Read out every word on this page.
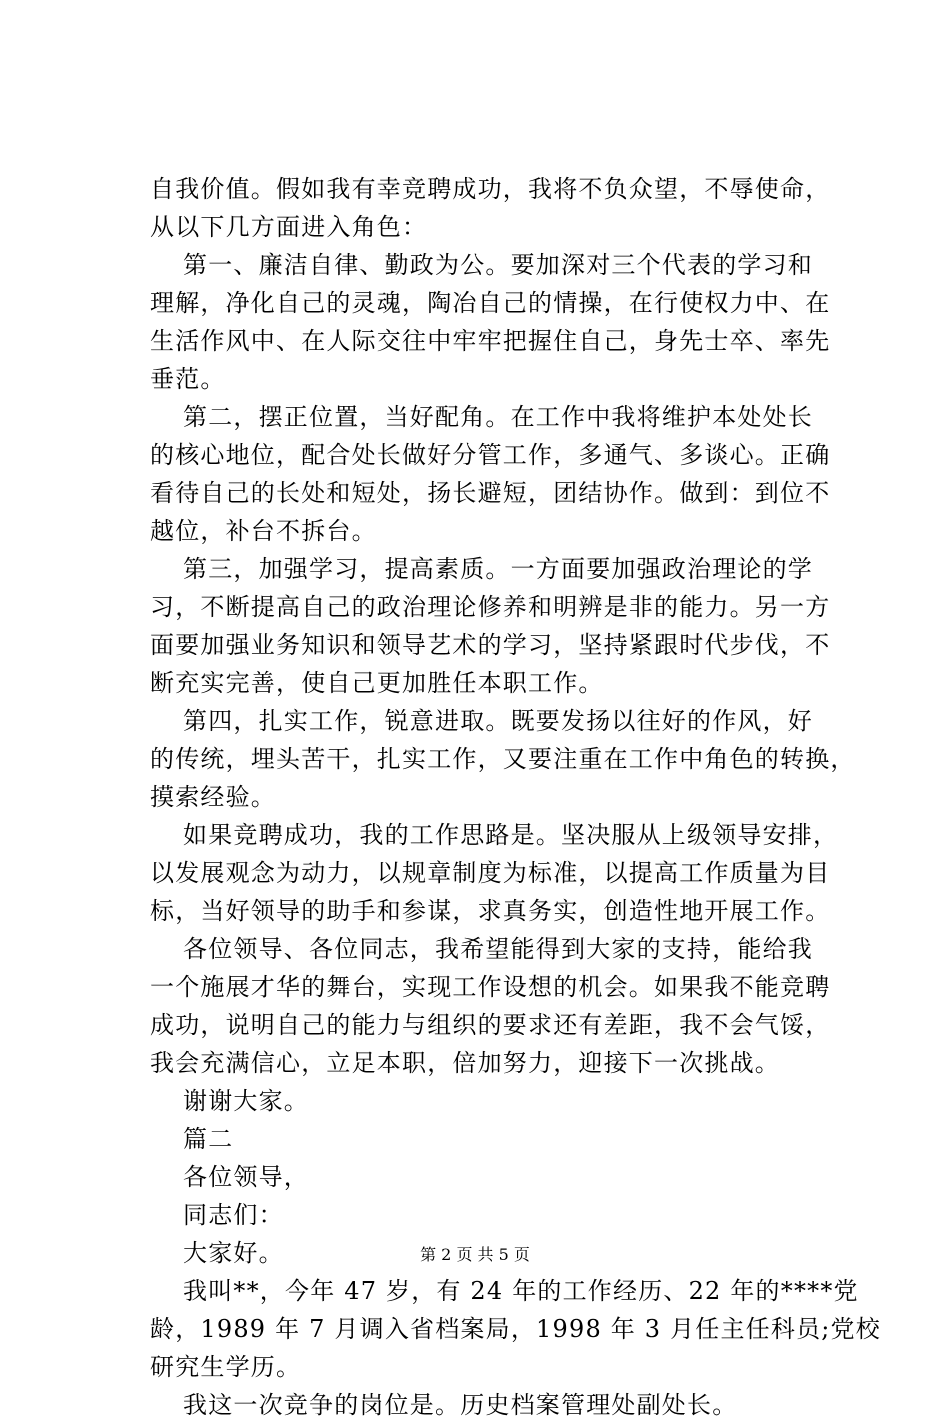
自我价值。假如我有幸竞聘成功，我将不负众望，不辱使命，
从以下几方面进入角色：
第一、廉洁自律、勤政为公。要加深对三个代表的学习和
理解，净化自己的灵魂，陶冶自己的情操，在行使权力中、在
生活作风中、在人际交往中牢牢把握住自己，身先士卒、率先
垂范。
第二，摆正位置，当好配角。在工作中我将维护本处处长
的核心地位，配合处长做好分管工作，多通气、多谈心。正确
看待自己的长处和短处，扬长避短，团结协作。做到：到位不
越位，补台不拆台。
第三，加强学习，提高素质。一方面要加强政治理论的学
习，不断提高自己的政治理论修养和明辨是非的能力。另一方
面要加强业务知识和领导艺术的学习，坚持紧跟时代步伐，不
断充实完善，使自己更加胜任本职工作。
第四，扎实工作，锐意进取。既要发扬以往好的作风，好
的传统，埋头苦干，扎实工作，又要注重在工作中角色的转换，
摸索经验。
如果竞聘成功，我的工作思路是。坚决服从上级领导安排，
以发展观念为动力，以规章制度为标准，以提高工作质量为目
标，当好领导的助手和参谋，求真务实，创造性地开展工作。
各位领导、各位同志，我希望能得到大家的支持，能给我
一个施展才华的舞台，实现工作设想的机会。如果我不能竞聘
成功，说明自己的能力与组织的要求还有差距，我不会气馁，
我会充满信心，立足本职，倍加努力，迎接下一次挑战。
谢谢大家。
篇二
各位领导，
同志们：
大家好。
我叫**，今年 47 岁，有 24 年的工作经历、22 年的****党
龄，1989 年 7 月调入省档案局，1998 年 3 月任主任科员;党校
研究生学历。
我这一次竞争的岗位是。历史档案管理处副处长。
第 2 页 共 5 页
